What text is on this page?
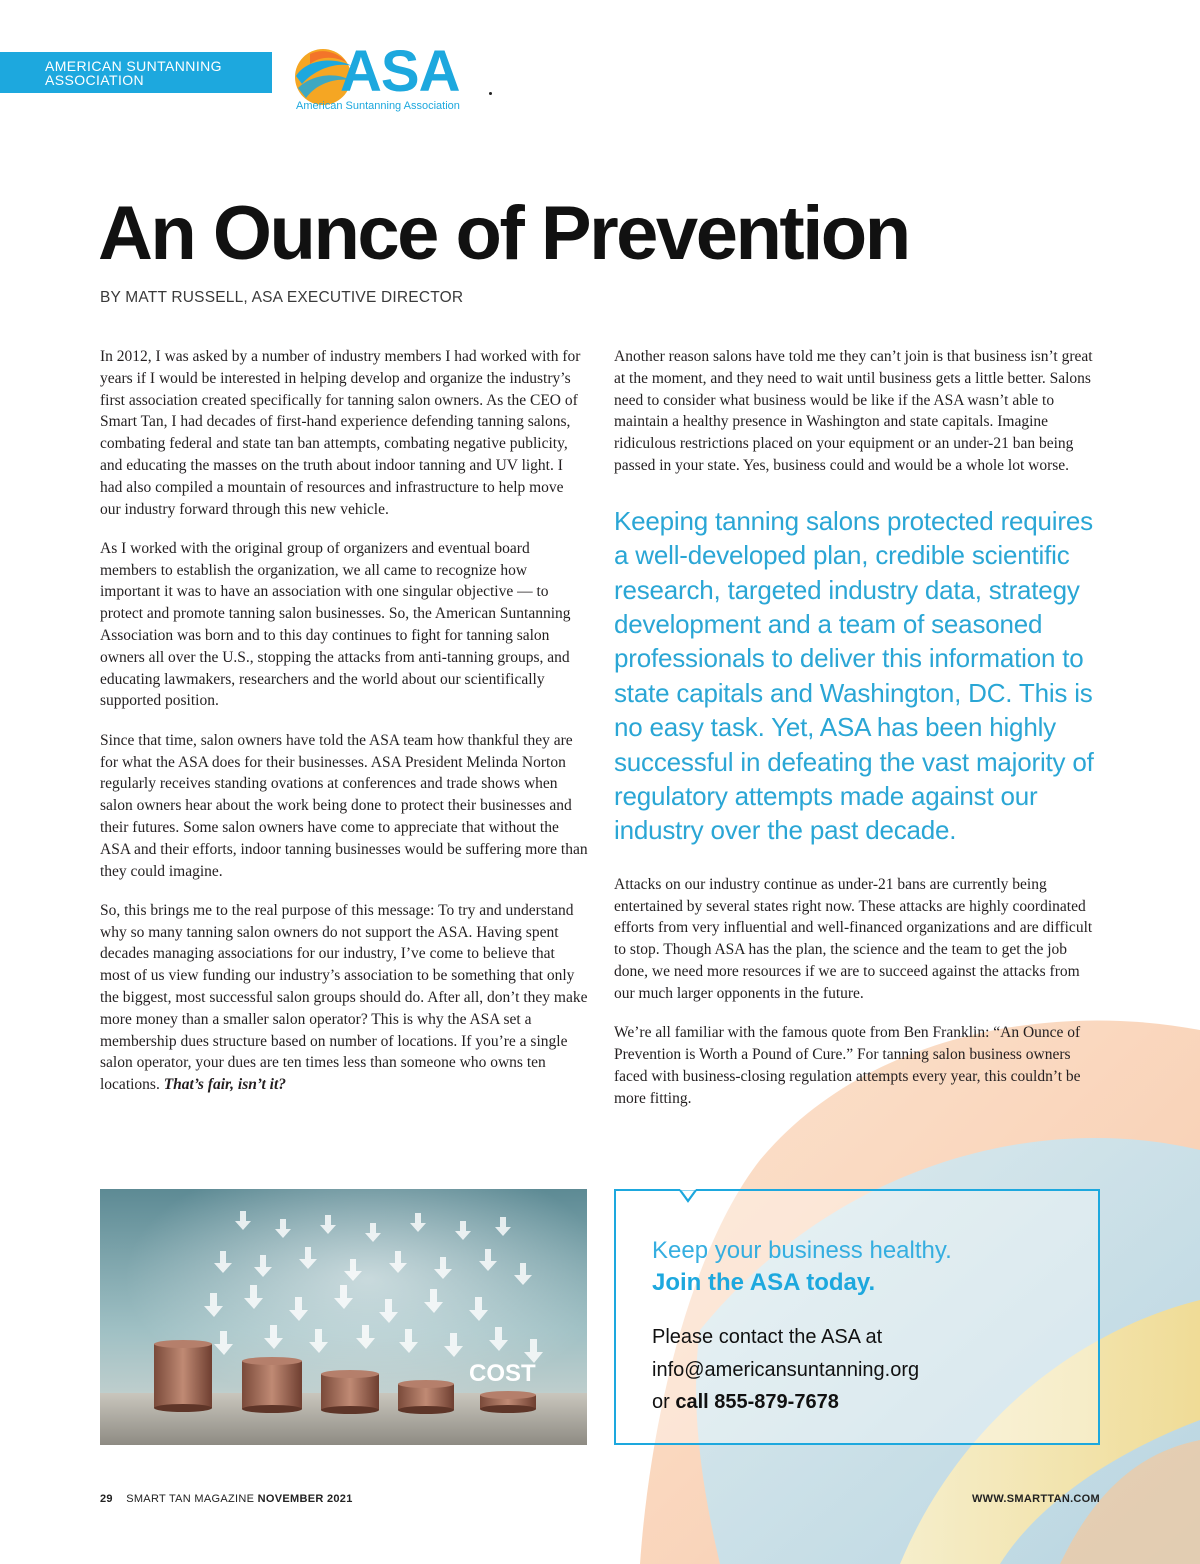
AMERICAN SUNTANNING
ASSOCIATION	ASA
American Suntanning Association
An Ounce of Prevention
BY MATT RUSSELL, ASA EXECUTIVE DIRECTOR

In 2012, I was asked by a number of industry members I had worked with for years if I would be interested in helping develop and organize the industry’s first association created specifically for tanning salon owners. As the CEO of Smart Tan, I had decades of first-hand experience defending tanning salons, combating federal and state tan ban attempts, combating negative publicity, and educating the masses on the truth about indoor tanning and UV light. I had also compiled a mountain of resources and infrastructure to help move our industry forward through this new vehicle.

As I worked with the original group of organizers and eventual board members to establish the organization, we all came to recognize how important it was to have an association with one singular objective — to protect and promote tanning salon businesses. So, the American Suntanning Association was born and to this day continues to fight for tanning salon owners all over the U.S., stopping the attacks from anti-tanning groups, and educating lawmakers, researchers and the world about our scientifically supported position.

Since that time, salon owners have told the ASA team how thankful they are for what the ASA does for their businesses. ASA President Melinda Norton regularly receives standing ovations at conferences and trade shows when salon owners hear about the work being done to protect their businesses and their futures. Some salon owners have come to appreciate that without the ASA and their efforts, indoor tanning businesses would be suffering more than they could imagine.

So, this brings me to the real purpose of this message: To try and understand why so many tanning salon owners do not support the ASA. Having spent decades managing associations for our industry, I’ve come to believe that most of us view funding our industry’s association to be something that only the biggest, most successful salon groups should do. After all, don’t they make more money than a smaller salon operator? This is why the ASA set a membership dues structure based on number of locations. If you’re a single salon operator, your dues are ten times less than someone who owns ten locations. That’s fair, isn’t it?

Another reason salons have told me they can’t join is that business isn’t great at the moment, and they need to wait until business gets a little better. Salons need to consider what business would be like if the ASA wasn’t able to maintain a healthy presence in Washington and state capitals. Imagine ridiculous restrictions placed on your equipment or an under-21 ban being passed in your state. Yes, business could and would be a whole lot worse.

Keeping tanning salons protected requires a well-developed plan, credible scientific research, targeted industry data, strategy development and a team of seasoned professionals to deliver this information to state capitals and Washington, DC. This is no easy task. Yet, ASA has been highly successful in defeating the vast majority of regulatory attempts made against our industry over the past decade.

Attacks on our industry continue as under-21 bans are currently being entertained by several states right now. These attacks are highly coordinated efforts from very influential and well-financed organizations and are difficult to stop. Though ASA has the plan, the science and the team to get the job done, we need more resources if we are to succeed against the attacks from our much larger opponents in the future.

We’re all familiar with the famous quote from Ben Franklin: “An Ounce of Prevention is Worth a Pound of Cure.” For tanning salon business owners faced with business-closing regulation attempts every year, this couldn’t be more fitting.

COST
Keep your business healthy.
Join the ASA today.
Please contact the ASA at
info@americansuntanning.org
or call 855-879-7678
29 SMART TAN MAGAZINE NOVEMBER 2021	WWW.SMARTTAN.COM
